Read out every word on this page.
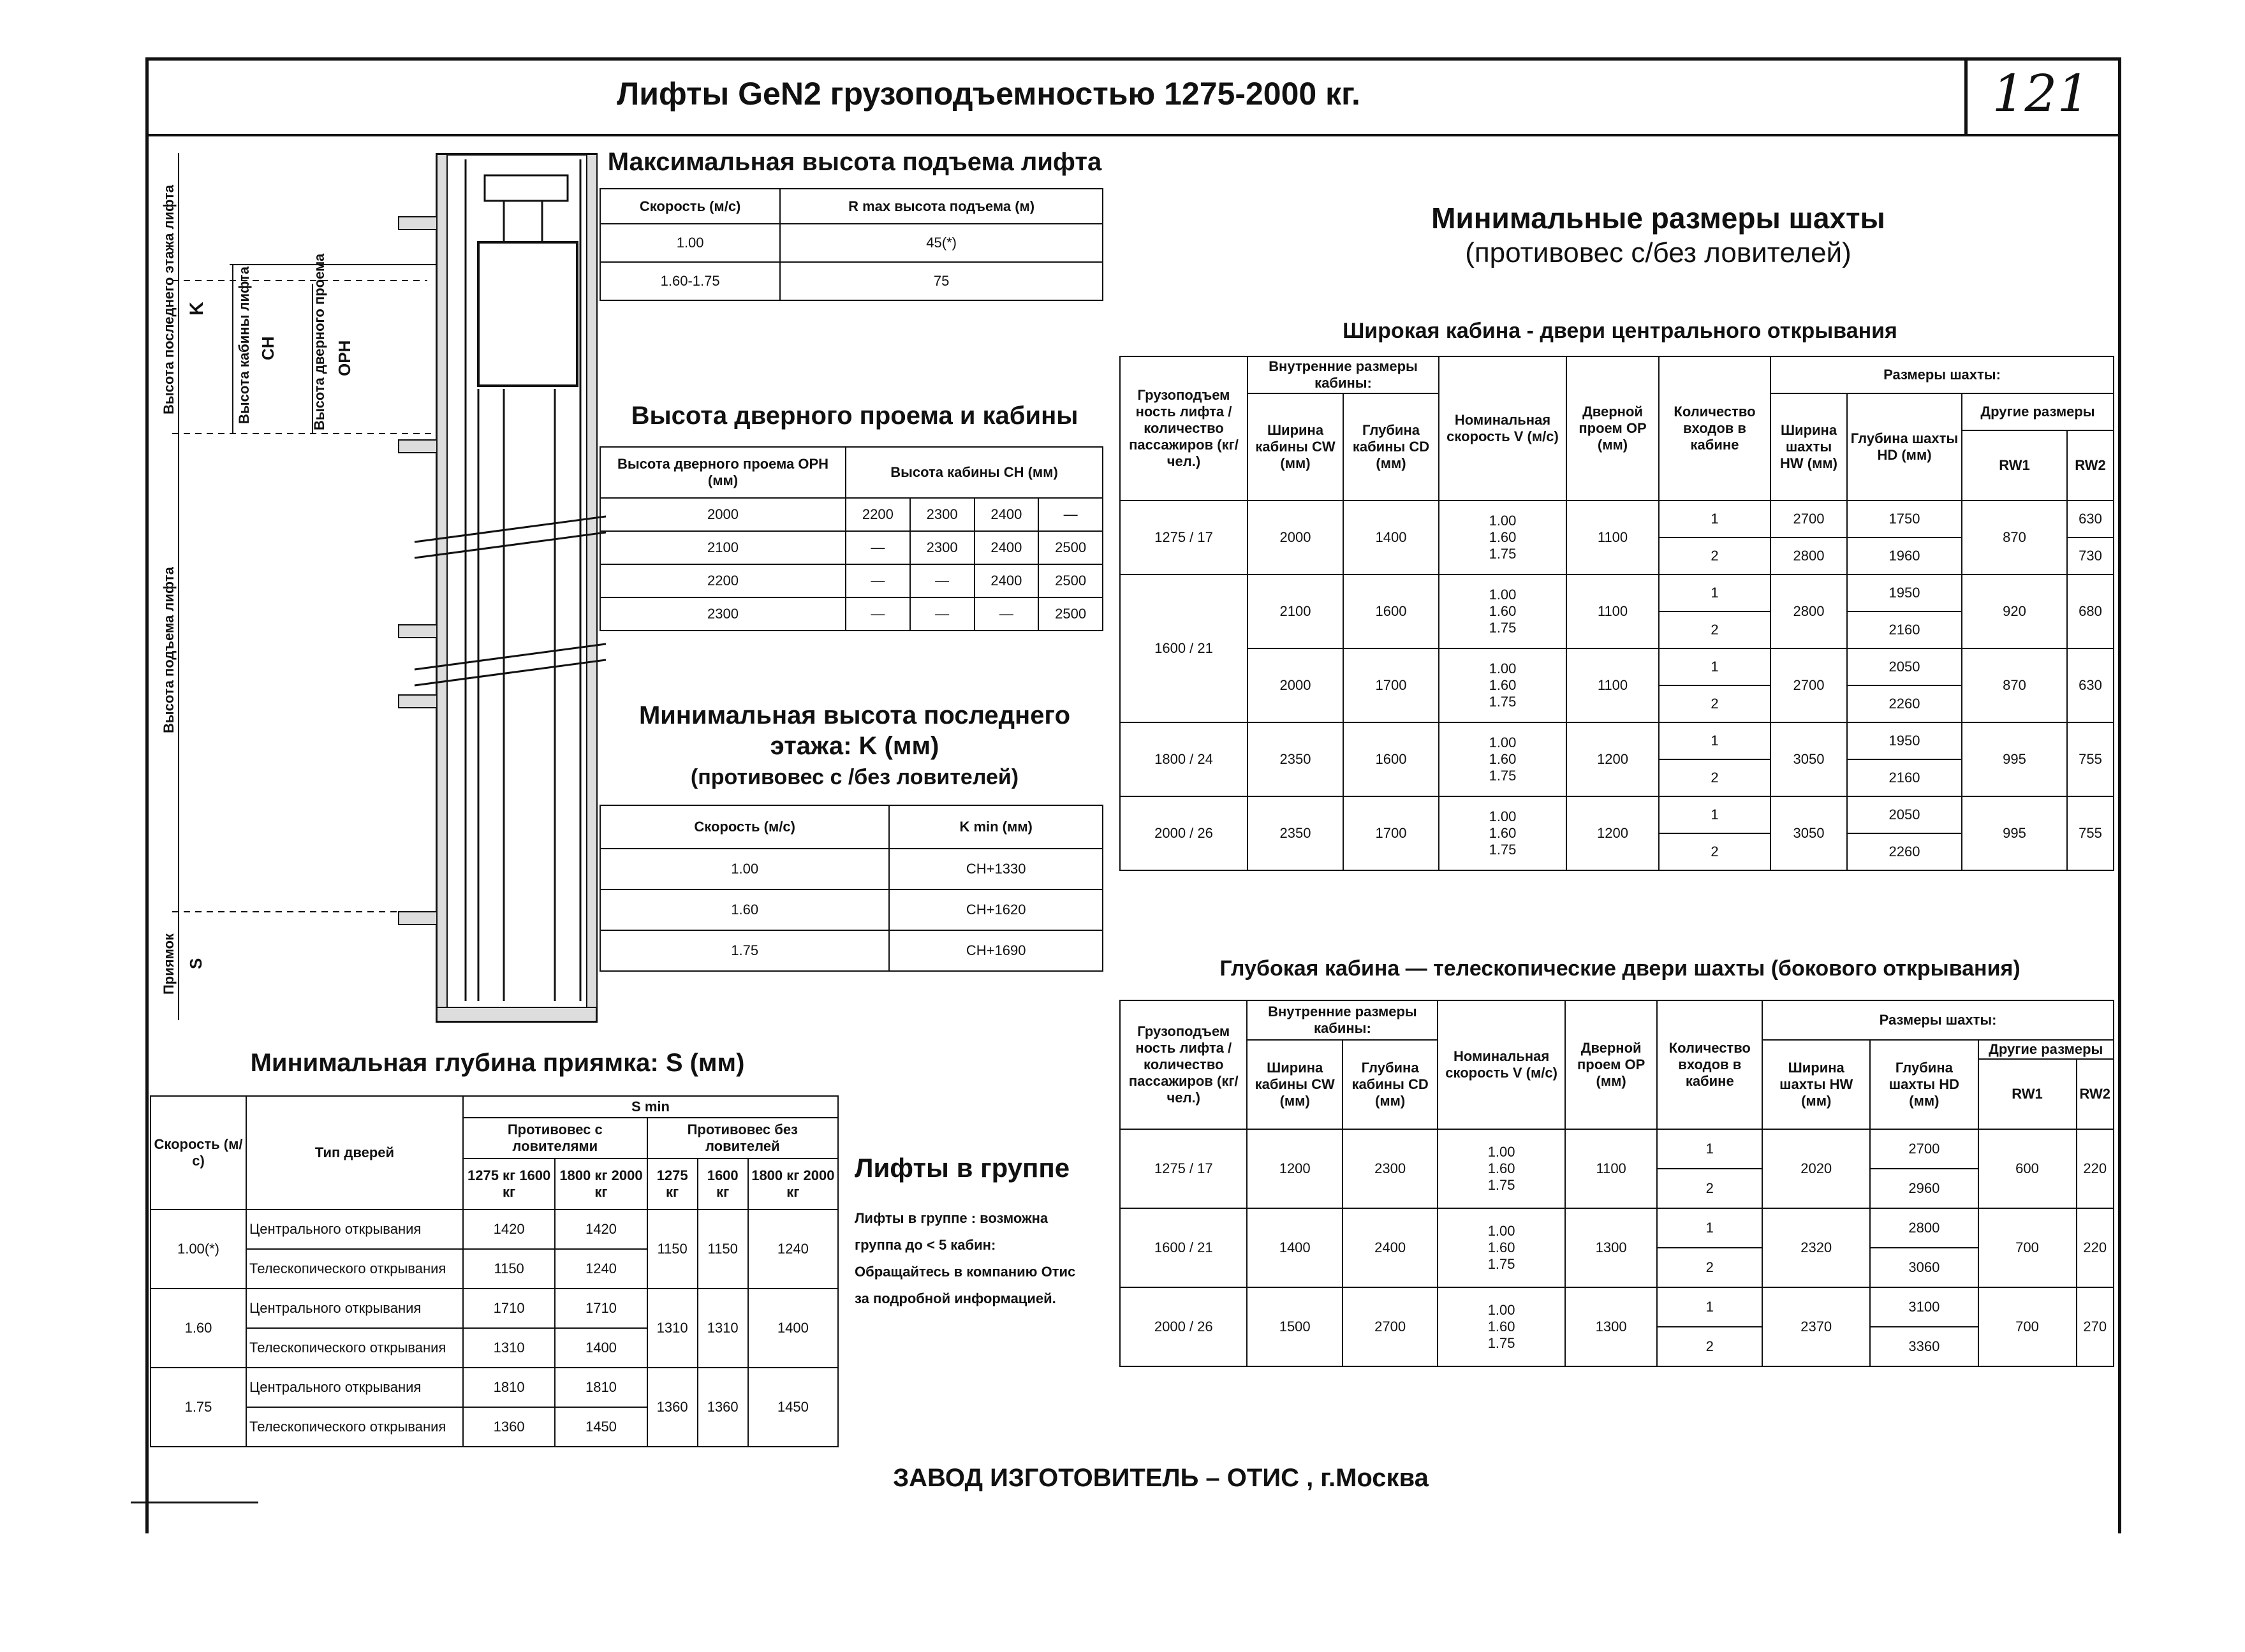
Лифты GeN2 грузоподъемностью 1275-2000 кг.	121
Высота последнего этажа лифта K Высота кабины лифта CH Высота дверного проема OPH
Высота подъема лифта
Приямок S
Максимальная высота подъема лифта
Скорость (м/с)	R max высота подъема (м)
1.00	45(*)
1.60-1.75	75
Высота дверного проема и кабины
Высота дверного проема OPH (мм)	Высота кабины CH (мм)			
2000	2200	2300	2400	—
2100	—	2300	2400	2500
2200	—	—	2400	2500
2300	—	—	—	2500
Минимальная высота последнего
этажа: K (мм)
(противовес с /без ловителей)
Скорость (м/с)	K min (мм)
1.00	CH+1330
1.60	CH+1620
1.75	CH+1690
Минимальная глубина приямка: S (мм)
Скорость (м/с)	Тип дверей	S min				
		Противовес с ловителями		Противовес без ловителей		
		1275 кг 1600 кг	1800 кг 2000 кг	1275 кг	1600 кг	1800 кг 2000 кг
1.00(*)	Центрального открывания	1420	1420	1150	1150	1240
	Телескопического открывания	1150	1240			
1.60	Центрального открывания	1710	1710	1310	1310	1400
	Телескопического открывания	1310	1400			
1.75	Центрального открывания	1810	1810	1360	1360	1450
	Телескопического открывания	1360	1450			
Лифты в группе
Лифты в группе : возможна
группа до < 5 кабин:
Обращайтесь в компанию Отис
за подробной информацией.
Минимальные размеры шахты
(противовес с/без ловителей)
Широкая кабина - двери центрального открывания
Грузоподъем ность лифта / количество пассажиров (кг/чел.)	Внутренние размеры кабины:		Номинальная скорость V (м/с)	Дверной проем OP (мм)	Количество входов в кабине	Размеры шахты:			
	Ширина кабины CW (мм)	Глубина кабины CD (мм)				Ширина шахты HW (мм)	Глубина шахты HD (мм)	Другие размеры	
								RW1	RW2
1275 / 17	2000	1400	1.00
1.60
1.75	1100	1	2700	1750	870	630
					2	2800	1960		730
1600 / 21	2100	1600	1.00
1.60
1.75	1100	1	2800	1950	920	680
					2		2160		
	2000	1700	1.00
1.60
1.75	1100	1	2700	2050	870	630
					2		2260		
1800 / 24	2350	1600	1.00
1.60
1.75	1200	1	3050	1950	995	755
					2		2160		
2000 / 26	2350	1700	1.00
1.60
1.75	1200	1	3050	2050	995	755
					2		2260		
Глубокая кабина — телескопические двери шахты (бокового открывания)
Грузоподъем ность лифта / количество пассажиров (кг/чел.)	Внутренние размеры кабины:		Номинальная скорость V (м/с)	Дверной проем OP (мм)	Количество входов в кабине	Размеры шахты:			
	Ширина кабины CW (мм)	Глубина кабины CD (мм)				Ширина шахты HW (мм)	Глубина шахты HD (мм)	Другие размеры	
								RW1	RW2
1275 / 17	1200	2300	1.00
1.60
1.75	1100	1	2020	2700	600	220
					2		2960		
1600 / 21	1400	2400	1.00
1.60
1.75	1300	1	2320	2800	700	220
					2		3060		
2000 / 26	1500	2700	1.00
1.60
1.75	1300	1	2370	3100	700	270
					2		3360		
ЗАВОД ИЗГОТОВИТЕЛЬ – ОТИС , г.Москва
